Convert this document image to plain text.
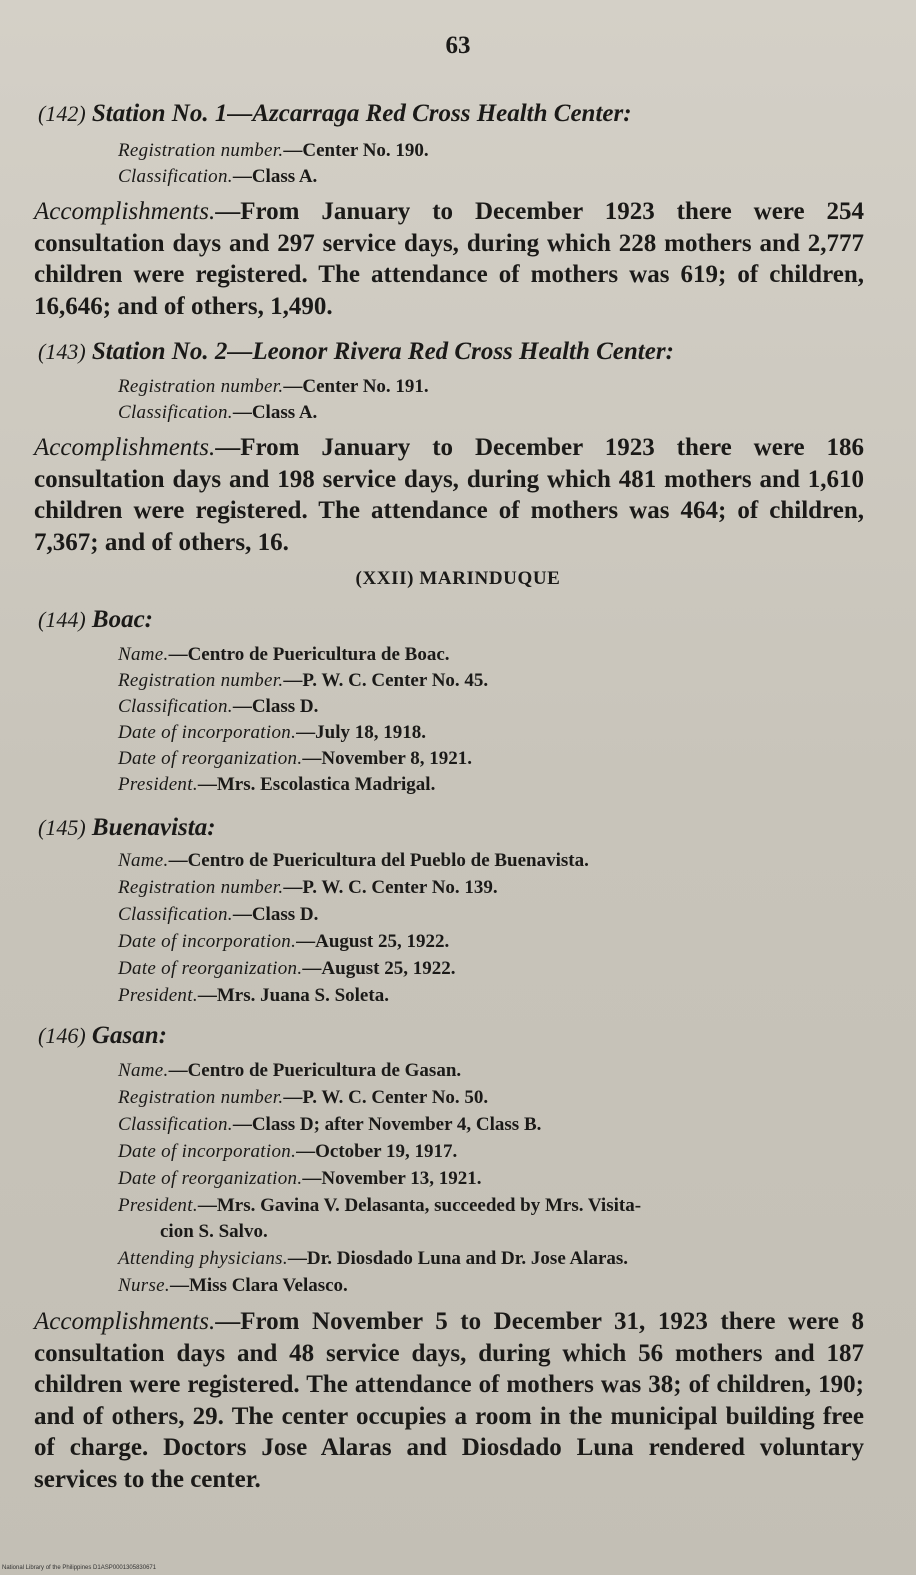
63
(142) Station No. 1—Azcarraga Red Cross Health Center:
Registration number.—Center No. 190.
Classification.—Class A.
Accomplishments.—From January to December 1923 there were 254 consultation days and 297 service days, during which 228 mothers and 2,777 children were registered. The attendance of mothers was 619; of children, 16,646; and of others, 1,490.
(143) Station No. 2—Leonor Rivera Red Cross Health Center:
Registration number.—Center No. 191.
Classification.—Class A.
Accomplishments.—From January to December 1923 there were 186 consultation days and 198 service days, during which 481 mothers and 1,610 children were registered. The attendance of mothers was 464; of children, 7,367; and of others, 16.
(XXII) MARINDUQUE
(144) Boac:
Name.—Centro de Puericultura de Boac.
Registration number.—P. W. C. Center No. 45.
Classification.—Class D.
Date of incorporation.—July 18, 1918.
Date of reorganization.—November 8, 1921.
President.—Mrs. Escolastica Madrigal.
(145) Buenavista:
Name.—Centro de Puericultura del Pueblo de Buenavista.
Registration number.—P. W. C. Center No. 139.
Classification.—Class D.
Date of incorporation.—August 25, 1922.
Date of reorganization.—August 25, 1922.
President.—Mrs. Juana S. Soleta.
(146) Gasan:
Name.—Centro de Puericultura de Gasan.
Registration number.—P. W. C. Center No. 50.
Classification.—Class D; after November 4, Class B.
Date of incorporation.—October 19, 1917.
Date of reorganization.—November 13, 1921.
President.—Mrs. Gavina V. Delasanta, succeeded by Mrs. Visita-
cion S. Salvo.
Attending physicians.—Dr. Diosdado Luna and Dr. Jose Alaras.
Nurse.—Miss Clara Velasco.
Accomplishments.—From November 5 to December 31, 1923 there were 8 consultation days and 48 service days, during which 56 mothers and 187 children were registered. The attendance of mothers was 38; of children, 190; and of others, 29. The center occupies a room in the municipal building free of charge. Doctors Jose Alaras and Diosdado Luna rendered voluntary services to the center.
National Library of the Philippines D1ASP0001305830671
